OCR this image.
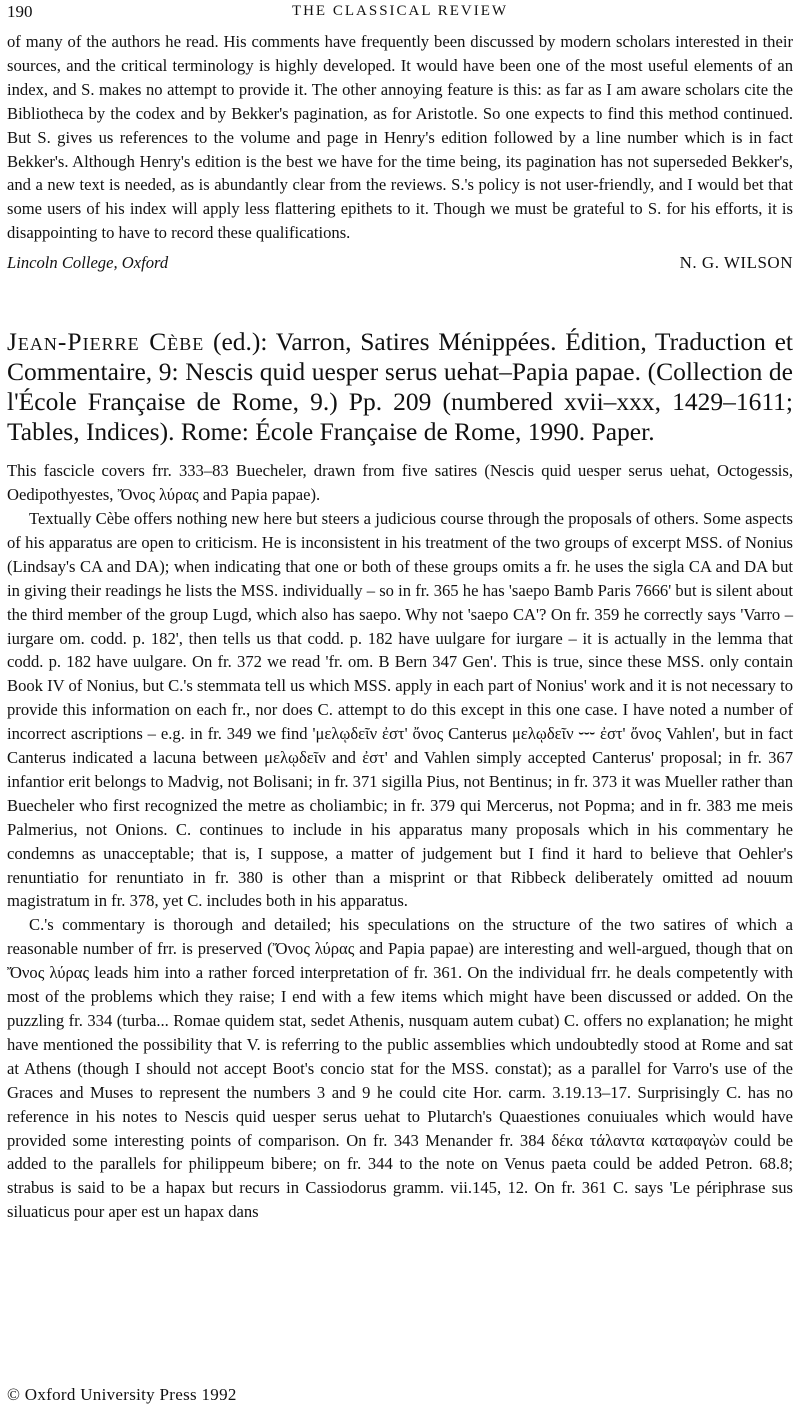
190	THE CLASSICAL REVIEW

of many of the authors he read. His comments have frequently been discussed by modern scholars interested in their sources, and the critical terminology is highly developed. It would have been one of the most useful elements of an index, and S. makes no attempt to provide it. The other annoying feature is this: as far as I am aware scholars cite the Bibliotheca by the codex and by Bekker's pagination, as for Aristotle. So one expects to find this method continued. But S. gives us references to the volume and page in Henry's edition followed by a line number which is in fact Bekker's. Although Henry's edition is the best we have for the time being, its pagination has not superseded Bekker's, and a new text is needed, as is abundantly clear from the reviews. S.'s policy is not user-friendly, and I would bet that some users of his index will apply less flattering epithets to it. Though we must be grateful to S. for his efforts, it is disappointing to have to record these qualifications.

Lincoln College, Oxford	N. G. WILSON

Jean-Pierre Cèbe (ed.): Varron, Satires Ménippées. Édition, Traduction et Commentaire, 9: Nescis quid uesper serus uehat–Papia papae. (Collection de l'École Française de Rome, 9.) Pp. 209 (numbered xvii–xxx, 1429–1611; Tables, Indices). Rome: École Française de Rome, 1990. Paper.

This fascicle covers frr. 333–83 Buecheler, drawn from five satires (Nescis quid uesper serus uehat, Octogessis, Oedipothyestes, Ὄνος λύρας and Papia papae).

Textually Cèbe offers nothing new here but steers a judicious course through the proposals of others. Some aspects of his apparatus are open to criticism. He is inconsistent in his treatment of the two groups of excerpt MSS. of Nonius (Lindsay's CA and DA); when indicating that one or both of these groups omits a fr. he uses the sigla CA and DA but in giving their readings he lists the MSS. individually – so in fr. 365 he has 'saepo Bamb Paris 7666' but is silent about the third member of the group Lugd, which also has saepo. Why not 'saepo CA'? On fr. 359 he correctly says 'Varro – iurgare om. codd. p. 182', then tells us that codd. p. 182 have uulgare for iurgare – it is actually in the lemma that codd. p. 182 have uulgare. On fr. 372 we read 'fr. om. B Bern 347 Gen'. This is true, since these MSS. only contain Book IV of Nonius, but C.'s stemmata tell us which MSS. apply in each part of Nonius' work and it is not necessary to provide this information on each fr., nor does C. attempt to do this except in this one case. I have noted a number of incorrect ascriptions – e.g. in fr. 349 we find 'μελῳδεῖν ἐστ' ὄνος Canterus μελῳδεῖν ⏑⏑⏑ ἐστ' ὄνος Vahlen', but in fact Canterus indicated a lacuna between μελῳδεῖν and ἐστ' and Vahlen simply accepted Canterus' proposal; in fr. 367 infantior erit belongs to Madvig, not Bolisani; in fr. 371 sigilla Pius, not Bentinus; in fr. 373 it was Mueller rather than Buecheler who first recognized the metre as choliambic; in fr. 379 qui Mercerus, not Popma; and in fr. 383 me meis Palmerius, not Onions. C. continues to include in his apparatus many proposals which in his commentary he condemns as unacceptable; that is, I suppose, a matter of judgement but I find it hard to believe that Oehler's renuntiatio for renuntiato in fr. 380 is other than a misprint or that Ribbeck deliberately omitted ad nouum magistratum in fr. 378, yet C. includes both in his apparatus.

C.'s commentary is thorough and detailed; his speculations on the structure of the two satires of which a reasonable number of frr. is preserved (Ὄνος λύρας and Papia papae) are interesting and well-argued, though that on Ὄνος λύρας leads him into a rather forced interpretation of fr. 361. On the individual frr. he deals competently with most of the problems which they raise; I end with a few items which might have been discussed or added. On the puzzling fr. 334 (turba... Romae quidem stat, sedet Athenis, nusquam autem cubat) C. offers no explanation; he might have mentioned the possibility that V. is referring to the public assemblies which undoubtedly stood at Rome and sat at Athens (though I should not accept Boot's concio stat for the MSS. constat); as a parallel for Varro's use of the Graces and Muses to represent the numbers 3 and 9 he could cite Hor. carm. 3.19.13–17. Surprisingly C. has no reference in his notes to Nescis quid uesper serus uehat to Plutarch's Quaestiones conuiuales which would have provided some interesting points of comparison. On fr. 343 Menander fr. 384 δέκα τάλαντα καταφαγὼν could be added to the parallels for philippeum bibere; on fr. 344 to the note on Venus paeta could be added Petron. 68.8; strabus is said to be a hapax but recurs in Cassiodorus gramm. vii.145, 12. On fr. 361 C. says 'Le périphrase sus siluaticus pour aper est un hapax dans

© Oxford University Press 1992
